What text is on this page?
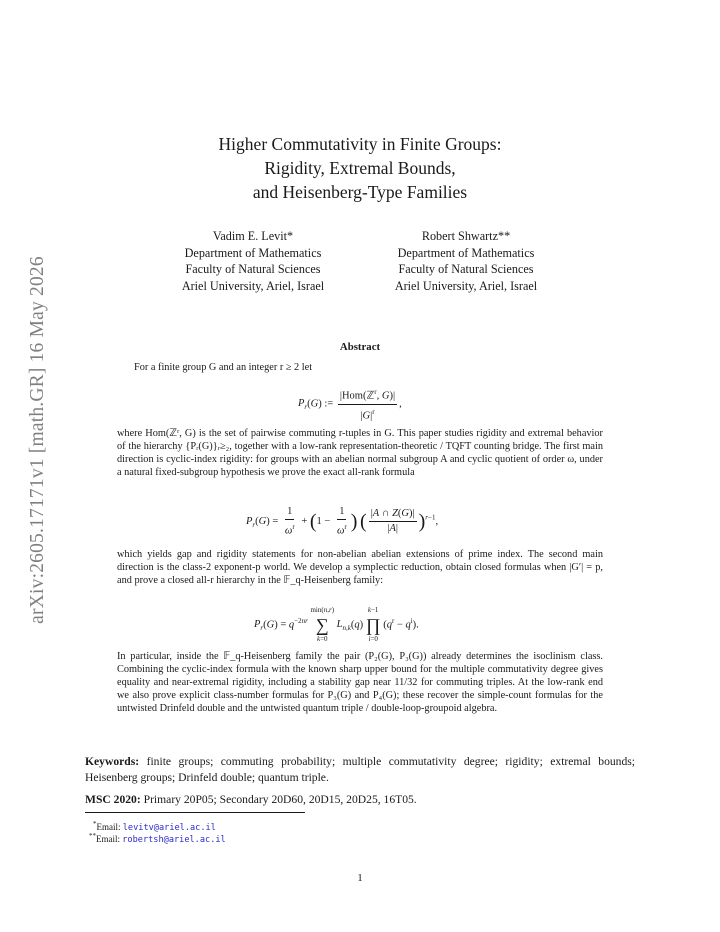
arXiv:2605.17171v1 [math.GR] 16 May 2026
Higher Commutativity in Finite Groups:
Rigidity, Extremal Bounds,
and Heisenberg-Type Families
Vadim E. Levit*
Department of Mathematics
Faculty of Natural Sciences
Ariel University, Ariel, Israel
Robert Shwartz**
Department of Mathematics
Faculty of Natural Sciences
Ariel University, Ariel, Israel
Abstract
For a finite group G and an integer r ≥ 2 let
$P_r(G)$ := $\frac{|Hom(ℤ^r, G)|}{|G|^r}$ ,
where Hom(ℤʳ, G) is the set of pairwise commuting r-tuples in G. This paper studies rigidity and extremal behavior of the hierarchy {Pᵣ(G)}ᵣ≥₂, together with a low-rank representation-theoretic / TQFT counting bridge. The first main direction is cyclic-index rigidity: for groups with an abelian normal subgroup A and cyclic quotient of order ω, under a natural fixed-subgroup hypothesis we prove the exact all-rank formula
$P_r(G) = \frac{1}{\omega^r} + (1 - \frac{1}{\omega^r}$ ) ( $\frac{|A \cap Z(G)|}{|A|} )^{r-1}$,
which yields gap and rigidity statements for non-abelian abelian extensions of prime index. The second main direction is the class-2 exponent-p world. We develop a symplectic reduction, obtain closed formulas when |G′| = p, and prove a closed all-r hierarchy in the 𝔽_q-Heisenberg family:
$P_r(G) = q^{-2nr}$
min(n,r)
∑
k=0
$L_{n,k}(q)$
k−1
∏
i=0
$(q^r - q^i)$.
In particular, inside the 𝔽_q-Heisenberg family the pair (P₂(G), P₃(G)) already determines the isoclinism class. Combining the cyclic-index formula with the known sharp upper bound for the multiple commutativity degree gives equality and near-extremal rigidity, including a stability gap near 11/32 for commuting triples. At the low-rank end we also prove explicit class-number formulas for P₃(G) and P₄(G); these recover the simple-count formulas for the untwisted Drinfeld double and the untwisted quantum triple / double-loop-groupoid algebra.
Keywords: finite groups; commuting probability; multiple commutativity degree; rigidity; extremal bounds; Heisenberg groups; Drinfeld double; quantum triple.
MSC 2020: Primary 20P05; Secondary 20D60, 20D15, 20D25, 16T05.
*Email: levitv@ariel.ac.il
**Email: robertsh@ariel.ac.il
1
